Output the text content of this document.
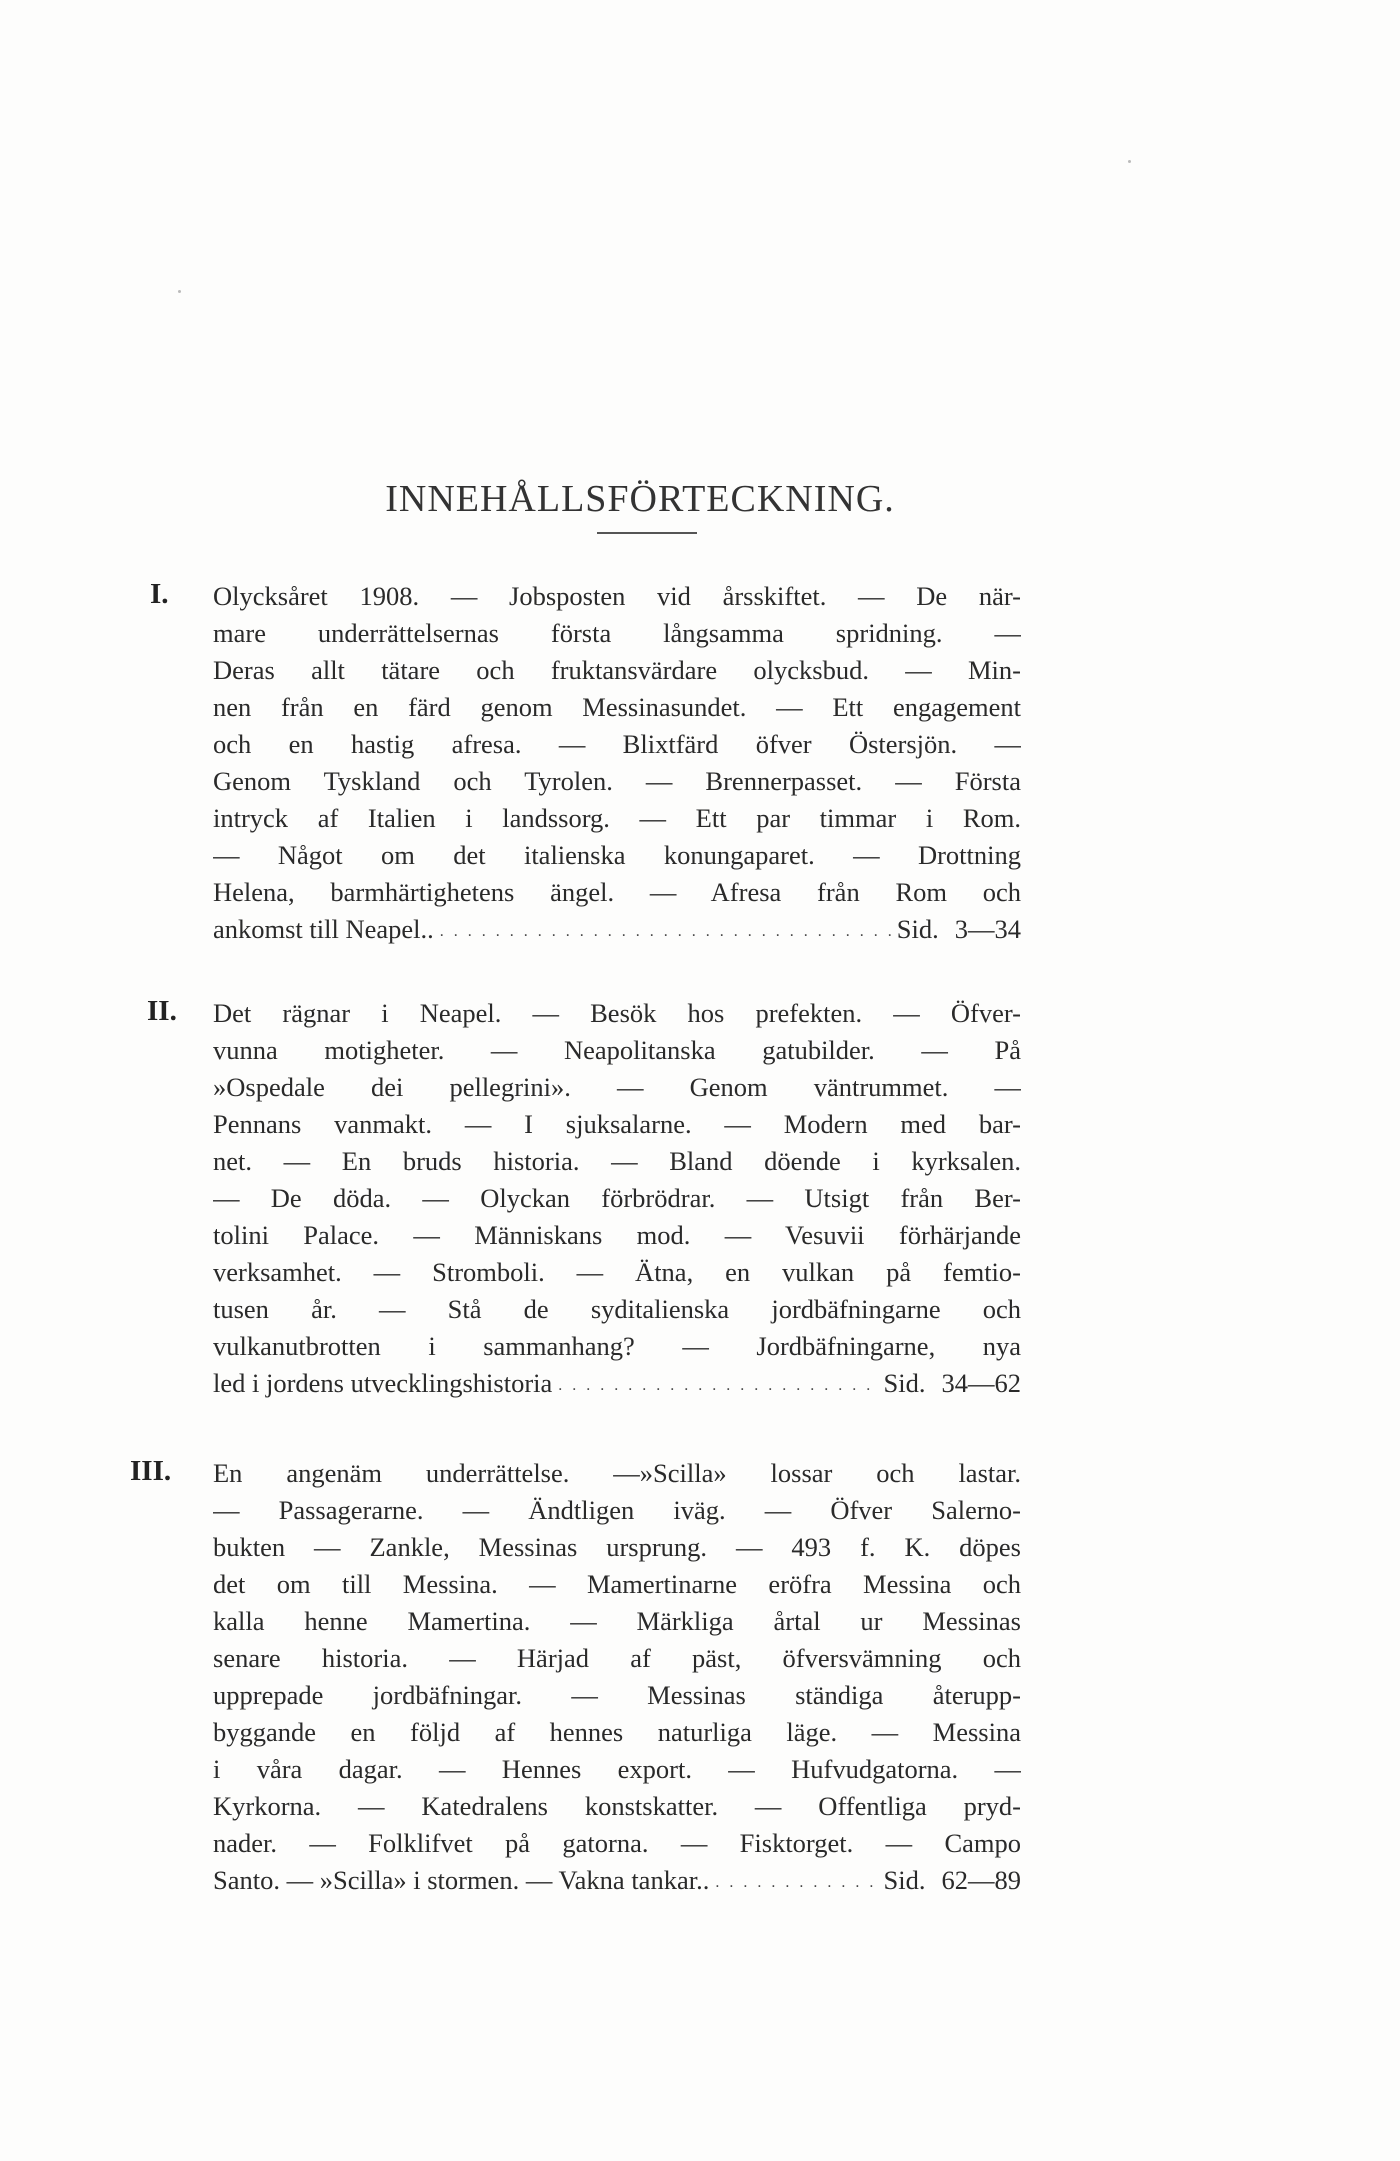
INNEHÅLLSFÖRTECKNING.
I. Olycksåret 1908. — Jobsposten vid årsskiftet. — De när-
mare underrättelsernas första långsamma spridning. —
Deras allt tätare och fruktansvärdare olycksbud. — Min-
nen från en färd genom Messinasundet. — Ett engagement
och en hastig afresa. — Blixtfärd öfver Östersjön. —
Genom Tyskland och Tyrolen. — Brennerpasset. — Första
intryck af Italien i landssorg. — Ett par timmar i Rom.
— Något om det italienska konungaparet. — Drottning
Helena, barmhärtighetens ängel. — Afresa från Rom och
ankomst till Neapel.. . . .	Sid. 3—34
II. Det rägnar i Neapel. — Besök hos prefekten. — Öfver-
vunna motigheter. — Neapolitanska gatubilder. — På
»Ospedale dei pellegrini». — Genom väntrummet. —
Pennans vanmakt. — I sjuksalarne. — Modern med bar-
net. — En bruds historia. — Bland döende i kyrksalen.
— De döda. — Olyckan förbrödrar. — Utsigt från Ber-
tolini Palace. — Människans mod. — Vesuvii förhärjande
verksamhet. — Stromboli. — Ätna, en vulkan på femtio-
tusen år. — Stå de syditalienska jordbäfningarne och
vulkanutbrotten i sammanhang? — Jordbäfningarne, nya
led i jordens utvecklingshistoria . . .	Sid. 34—62
III. En angenäm underrättelse. —»Scilla» lossar och lastar.
— Passagerarne. — Ändtligen iväg. — Öfver Salerno-
bukten — Zankle, Messinas ursprung. — 493 f. K. döpes
det om till Messina. — Mamertinarne eröfra Messina och
kalla henne Mamertina. — Märkliga årtal ur Messinas
senare historia. — Härjad af päst, öfversvämning och
upprepade jordbäfningar. — Messinas ständiga återupp-
byggande en följd af hennes naturliga läge. — Messina
i våra dagar. — Hennes export. — Hufvudgatorna. —
Kyrkorna. — Katedralens konstskatter. — Offentliga pryd-
nader. — Folklifvet på gatorna. — Fisktorget. — Campo
Santo. — »Scilla» i stormen. — Vakna tankar.. . . .	Sid. 62—89
